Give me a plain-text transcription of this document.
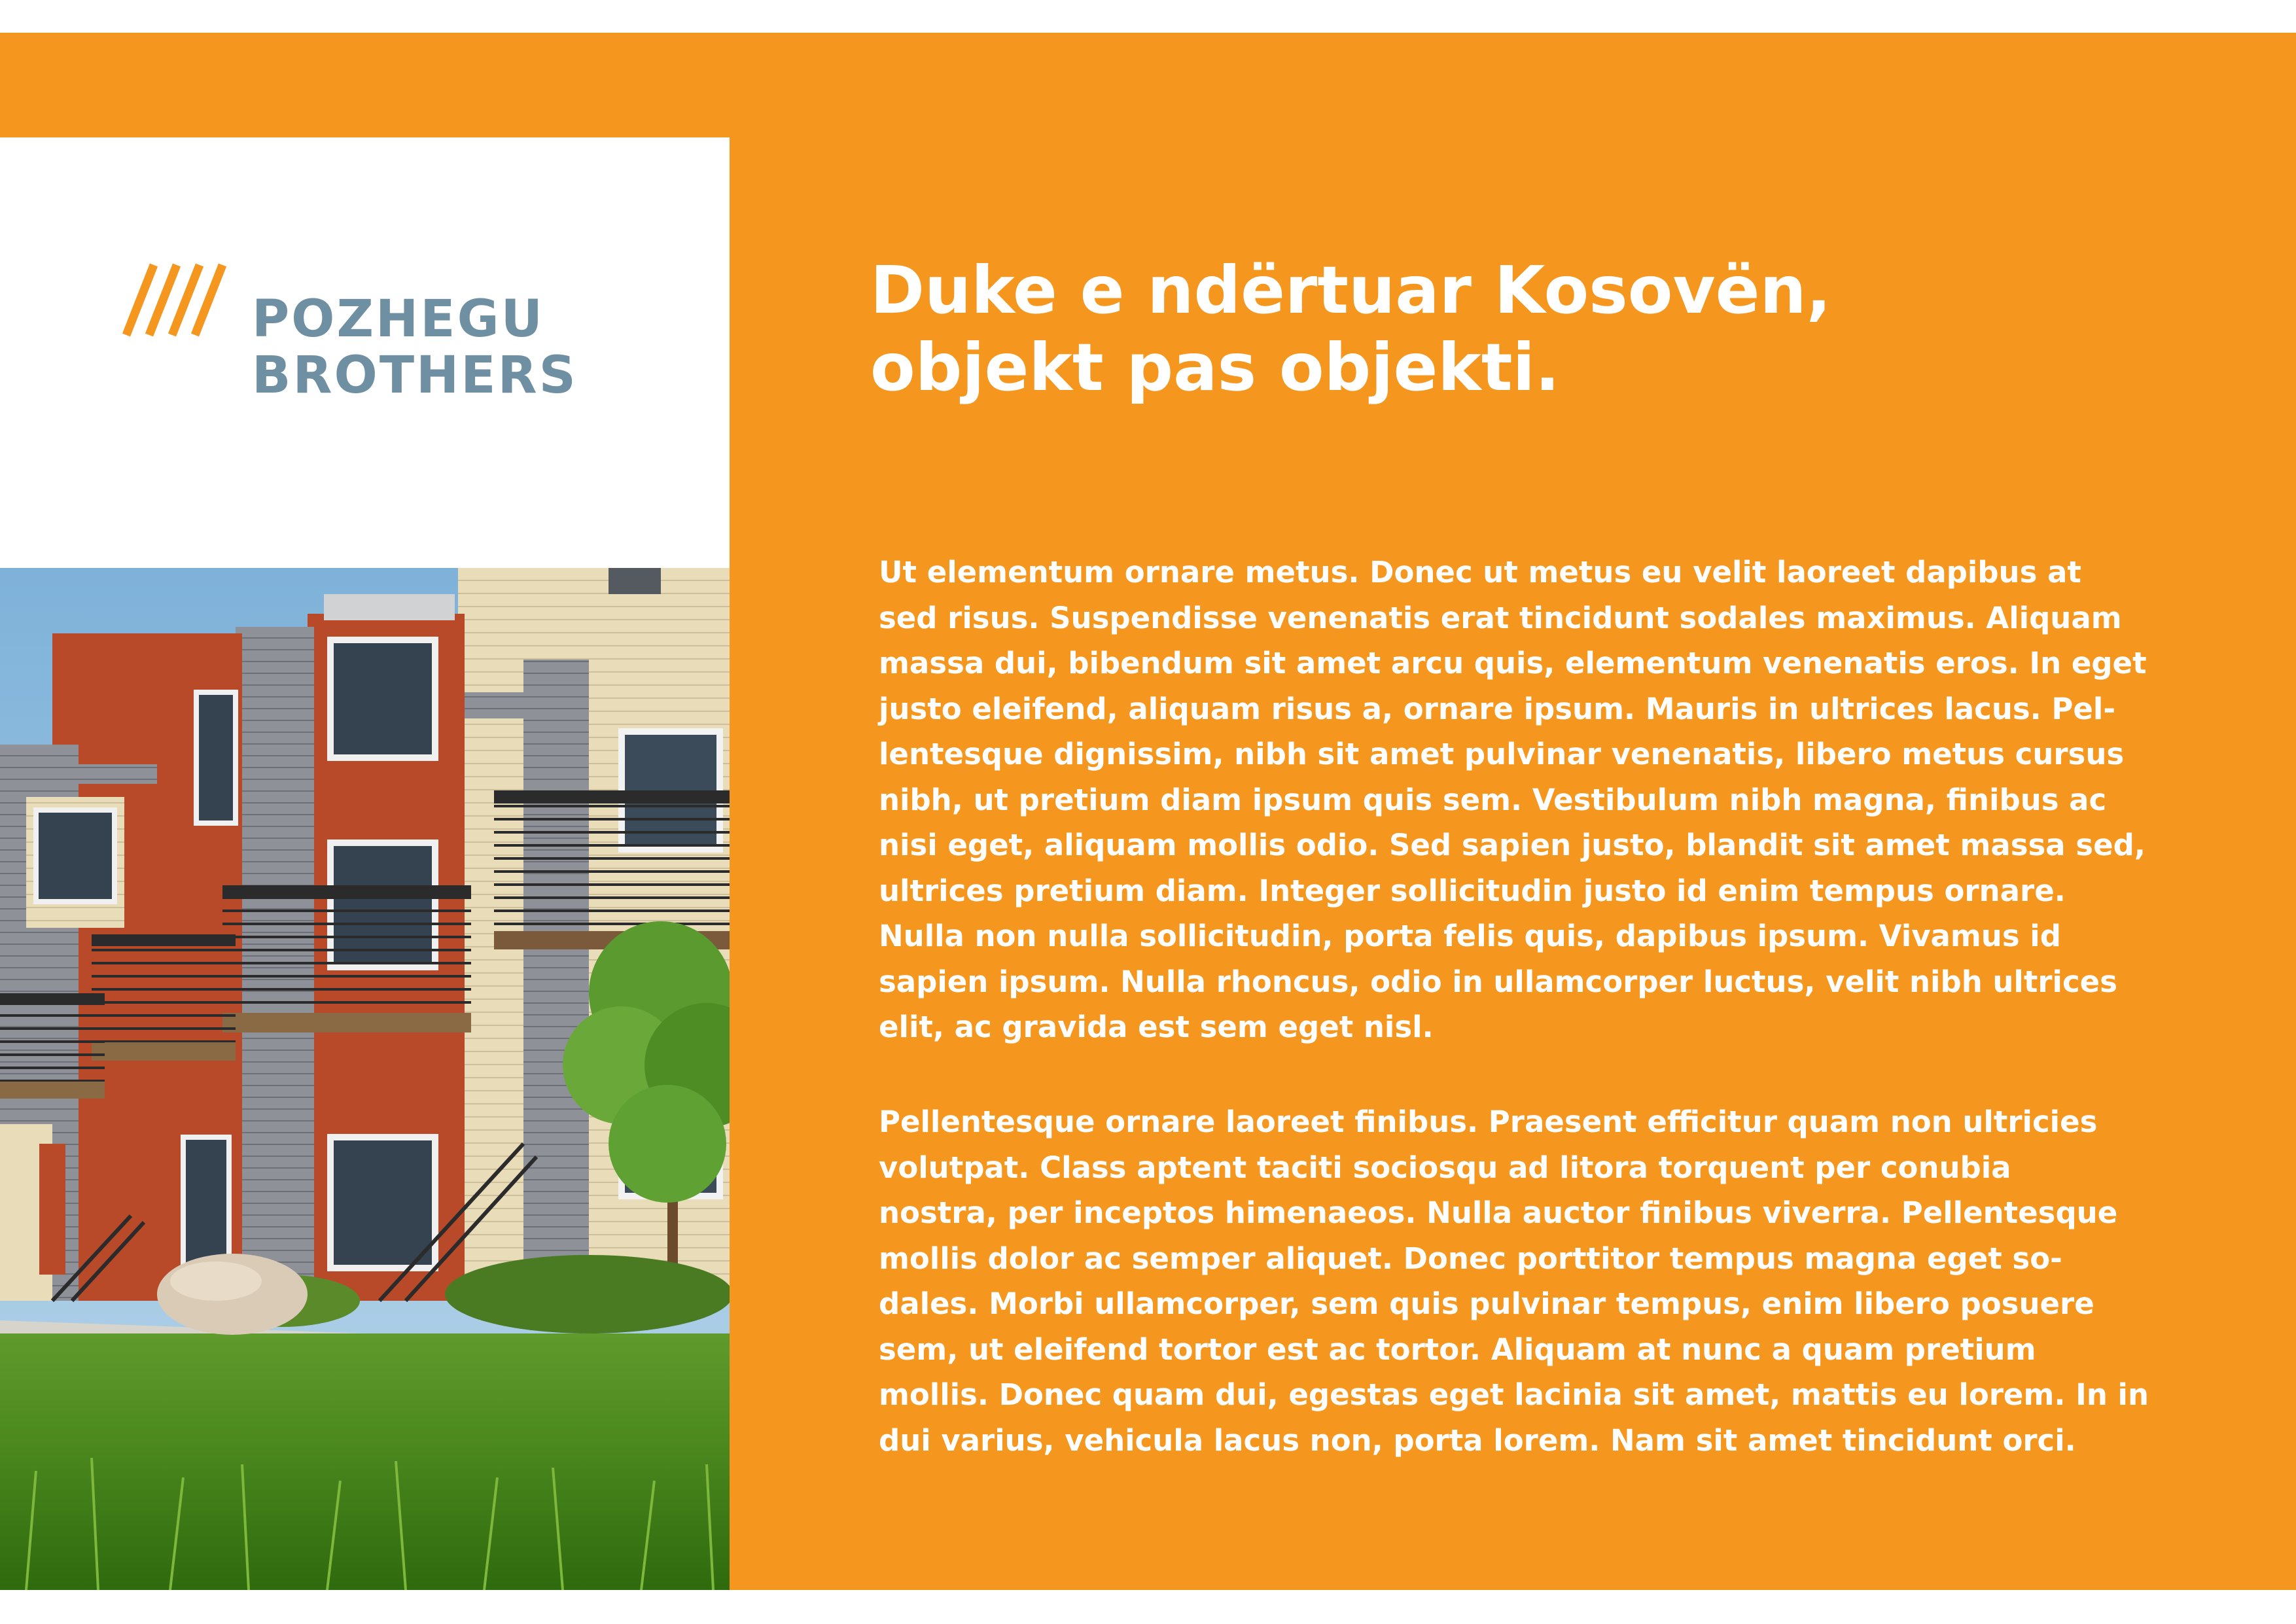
POZHEGU
BROTHERS
Duke e ndërtuar Kosovën,
objekt pas objekti.
Ut elementum ornare metus. Donec ut metus eu velit laoreet dapibus at
sed risus. Suspendisse venenatis erat tincidunt sodales maximus. Aliquam
massa dui, bibendum sit amet arcu quis, elementum venenatis eros. In eget
justo eleifend, aliquam risus a, ornare ipsum. Mauris in ultrices lacus. Pel-
lentesque dignissim, nibh sit amet pulvinar venenatis, libero metus cursus
nibh, ut pretium diam ipsum quis sem. Vestibulum nibh magna, finibus ac
nisi eget, aliquam mollis odio. Sed sapien justo, blandit sit amet massa sed,
ultrices pretium diam. Integer sollicitudin justo id enim tempus ornare.
Nulla non nulla sollicitudin, porta felis quis, dapibus ipsum. Vivamus id
sapien ipsum. Nulla rhoncus, odio in ullamcorper luctus, velit nibh ultrices
elit, ac gravida est sem eget nisl.
Pellentesque ornare laoreet finibus. Praesent efficitur quam non ultricies
volutpat. Class aptent taciti sociosqu ad litora torquent per conubia
nostra, per inceptos himenaeos. Nulla auctor finibus viverra. Pellentesque
mollis dolor ac semper aliquet. Donec porttitor tempus magna eget so-
dales. Morbi ullamcorper, sem quis pulvinar tempus, enim libero posuere
sem, ut eleifend tortor est ac tortor. Aliquam at nunc a quam pretium
mollis. Donec quam dui, egestas eget lacinia sit amet, mattis eu lorem. In in
dui varius, vehicula lacus non, porta lorem. Nam sit amet tincidunt orci.
